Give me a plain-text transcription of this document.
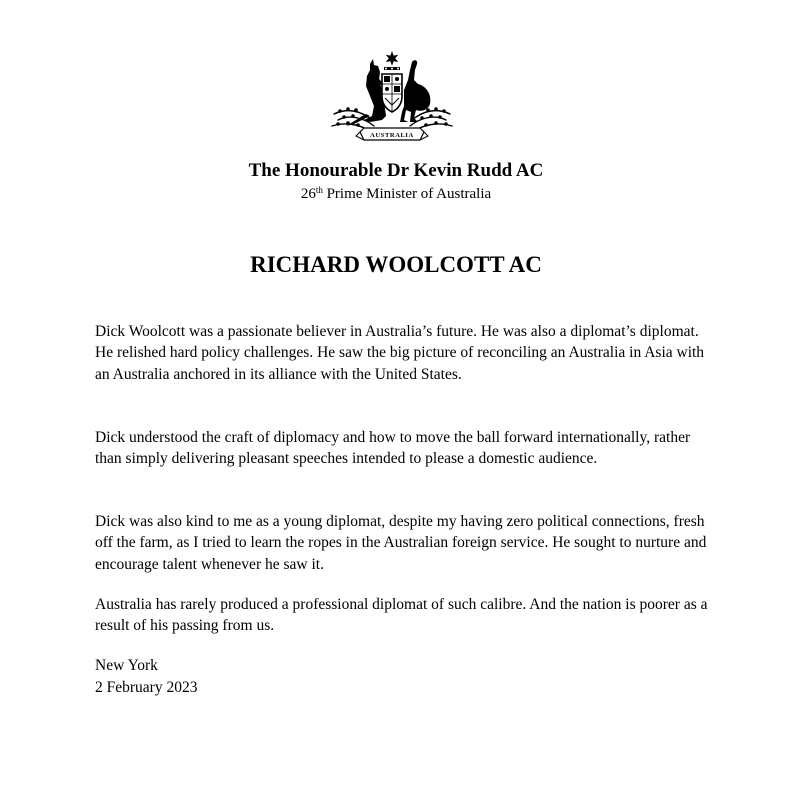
AUSTRALIA
The Honourable Dr Kevin Rudd AC
26th Prime Minister of Australia
RICHARD WOOLCOTT AC
Dick Woolcott was a passionate believer in Australia’s future. He was also a diplomat’s diplomat. He relished hard policy challenges. He saw the big picture of reconciling an Australia in Asia with an Australia anchored in its alliance with the United States.
Dick understood the craft of diplomacy and how to move the ball forward internationally, rather than simply delivering pleasant speeches intended to please a domestic audience.
Dick was also kind to me as a young diplomat, despite my having zero political connections, fresh off the farm, as I tried to learn the ropes in the Australian foreign service. He sought to nurture and encourage talent whenever he saw it.
Australia has rarely produced a professional diplomat of such calibre. And the nation is poorer as a result of his passing from us.
New York
2 February 2023
